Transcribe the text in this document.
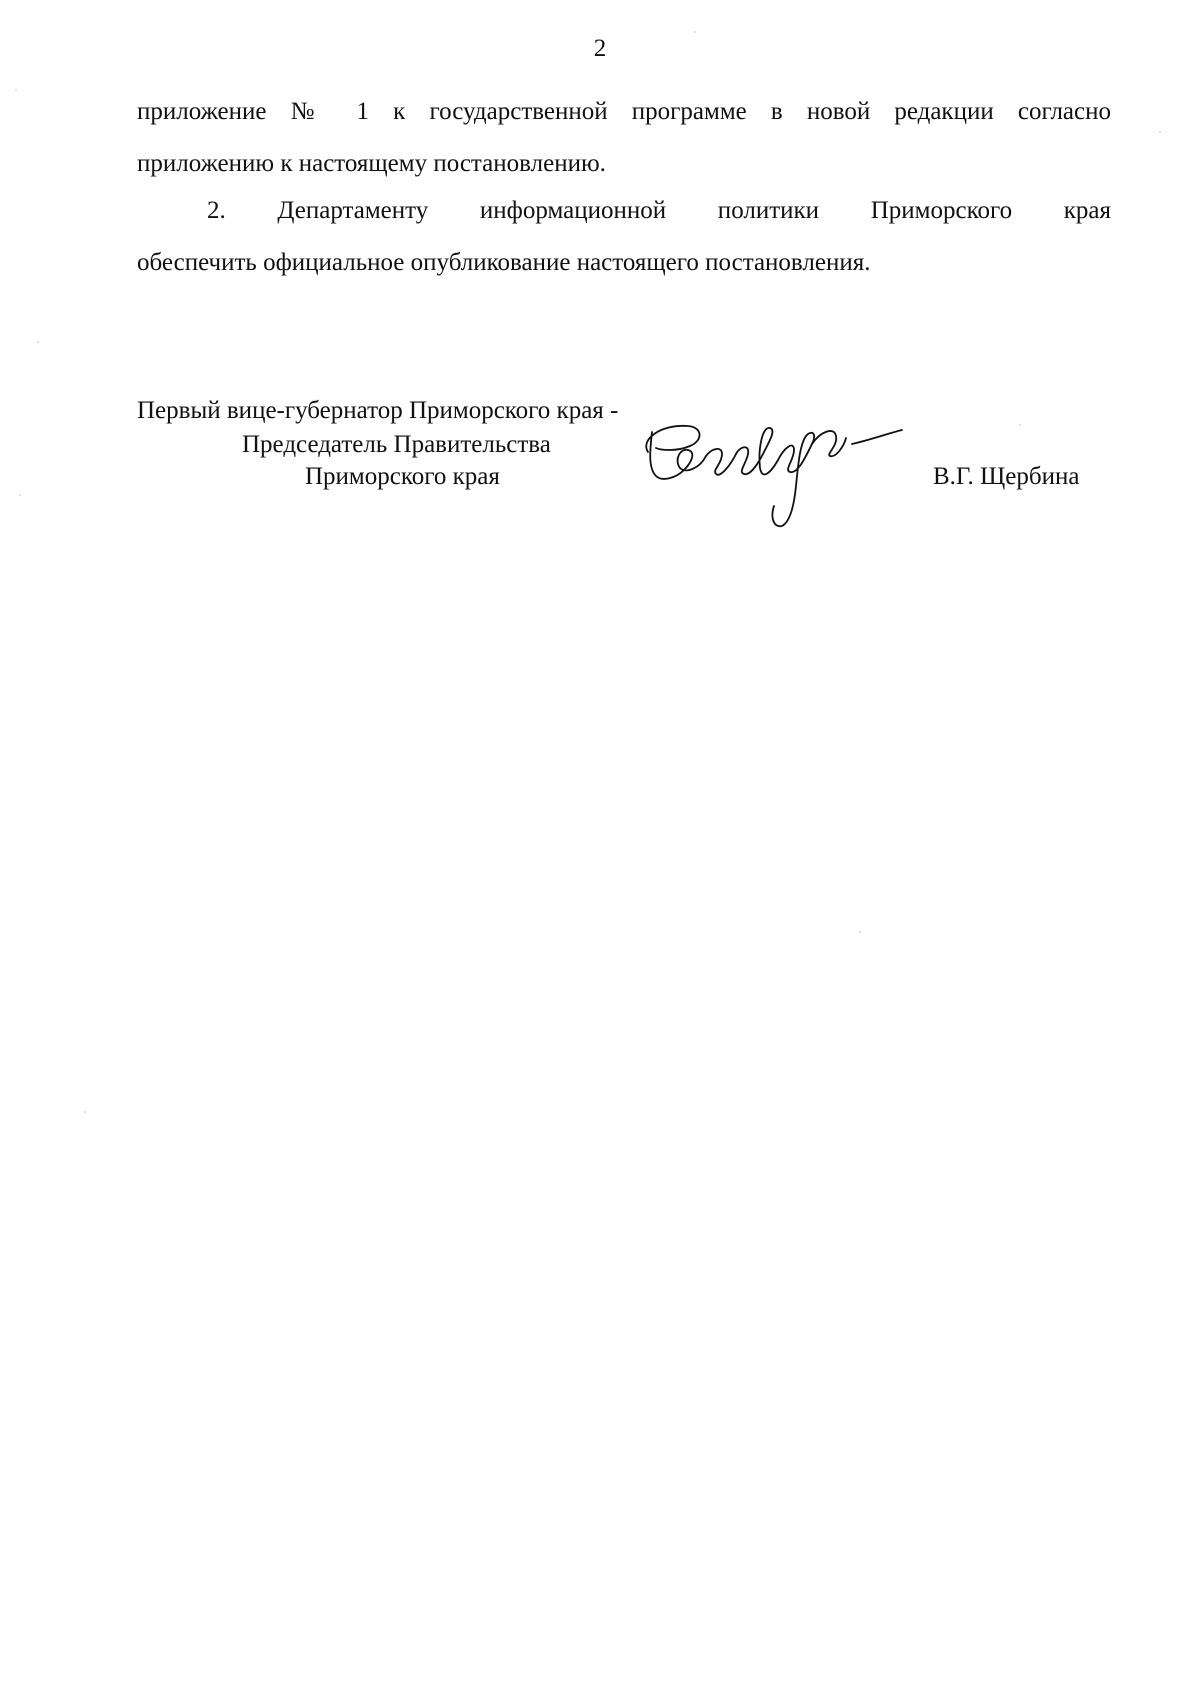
2
приложение № 1 к государственной программе в новой редакции согласно
приложению к настоящему постановлению.
2. Департаменту информационной политики Приморского края
обеспечить официальное опубликование настоящего постановления.
Первый вице-губернатор Приморского края -
Председатель Правительства
Приморского края	В.Г. Щербина
